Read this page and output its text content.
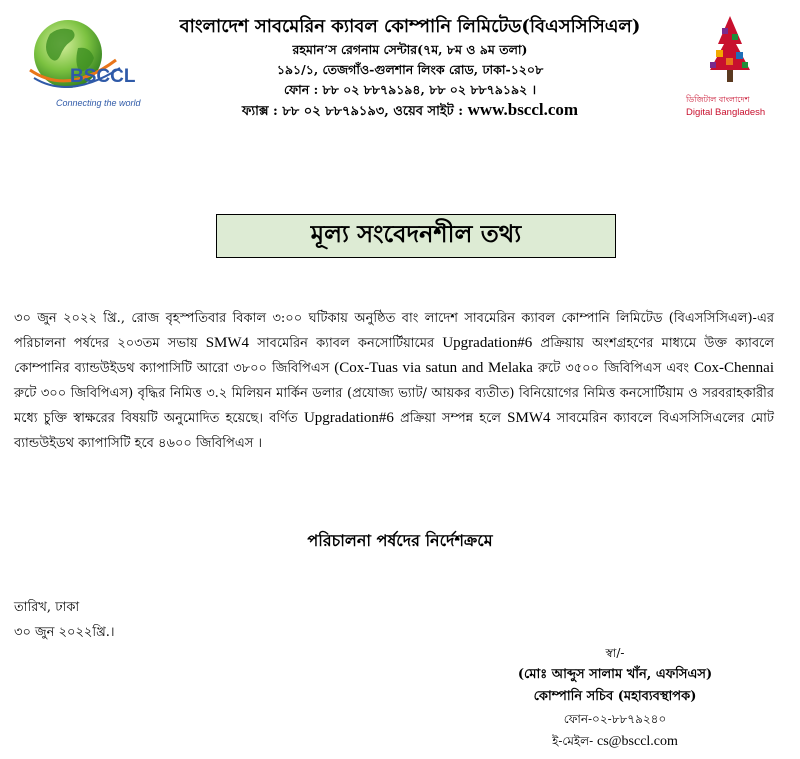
BSCCL
Connecting the world
বাংলাদেশ সাবমেরিন ক্যাবল কোম্পানি লিমিটেড(বিএসসিসিএল)
রহমান’স রেগনাম সেন্টার(৭ম, ৮ম ও ৯ম তলা)
১৯১/১, তেজগাঁও-গুলশান লিংক রোড, ঢাকা-১২০৮
ফোন : ৮৮ ০২ ৮৮৭৯১৯৪, ৮৮ ০২ ৮৮৭৯১৯২ ।
ফ্যাক্স : ৮৮ ০২ ৮৮৭৯১৯৩, ওয়েব সাইট : www.bsccl.com
ডিজিটাল বাংলাদেশ
Digital Bangladesh
মূল্য সংবেদনশীল তথ্য
৩০ জুন ২০২২ খ্রি., রোজ বৃহস্পতিবার বিকাল ৩:০০ ঘটিকায় অনুষ্ঠিত বাং লাদেশ সাবমেরিন ক্যাবল কোম্পানি লিমিটেড (বিএসসিসিএল)-এর পরিচালনা পর্ষদের ২০৩তম সভায় SMW4 সাবমেরিন ক্যাবল কনসোর্টিয়ামের Upgradation#6 প্রক্রিয়ায় অংশগ্রহণের মাধ্যমে উক্ত ক্যাবলে কোম্পানির ব্যান্ডউইডথ ক্যাপাসিটি আরো ৩৮০০ জিবিপিএস (Cox-Tuas via satun and Melaka রুটে ৩৫০০ জিবিপিএস এবং Cox-Chennai রুটে ৩০০ জিবিপিএস) বৃদ্ধির নিমিত্ত ৩.২ মিলিয়ন মার্কিন ডলার (প্রযোজ্য ভ্যাট/ আয়কর ব্যতীত) বিনিয়োগের নিমিত্ত কনসোর্টিয়াম ও সরবরাহকারীর মধ্যে চুক্তি স্বাক্ষরের বিষয়টি অনুমোদিত হয়েছে। বর্ণিত Upgradation#6 প্রক্রিয়া সম্পন্ন হলে SMW4 সাবমেরিন ক্যাবলে বিএসসিসিএলের মোট ব্যান্ডউইডথ ক্যাপাসিটি হবে ৪৬০০ জিবিপিএস ।
পরিচালনা পর্ষদের নির্দেশক্রমে
তারিখ, ঢাকা
৩০ জুন ২০২২খ্রি.।
স্বা/-
(মোঃ আব্দুস সালাম খাঁন, এফসিএস)
কোম্পানি সচিব (মহাব্যবস্থাপক)
ফোন-০২-৮৮৭৯২৪০
ই-মেইল- cs@bsccl.com
